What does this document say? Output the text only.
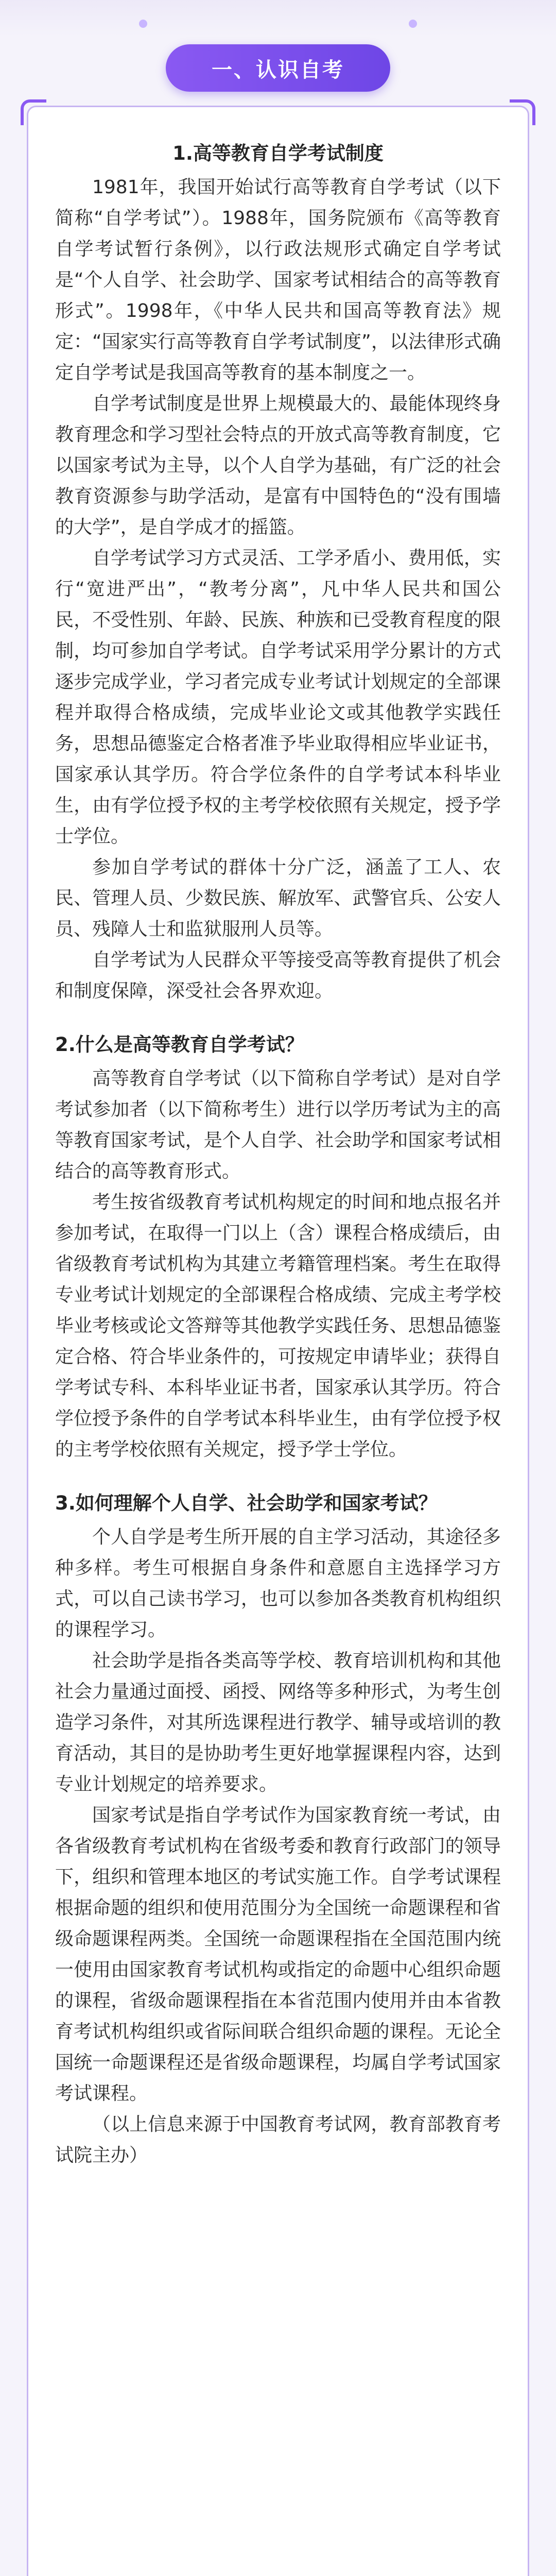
一、认识自考
1.高等教育自学考试制度

1981年，我国开始试行高等教育自学考试（以下简称“自学考试”）。1988年，国务院颁布《高等教育自学考试暂行条例》，以行政法规形式确定自学考试是“个人自学、社会助学、国家考试相结合的高等教育形式”。1998年，《中华人民共和国高等教育法》规定：“国家实行高等教育自学考试制度”，以法律形式确定自学考试是我国高等教育的基本制度之一。

自学考试制度是世界上规模最大的、最能体现终身教育理念和学习型社会特点的开放式高等教育制度，它以国家考试为主导，以个人自学为基础，有广泛的社会教育资源参与助学活动，是富有中国特色的“没有围墙的大学”，是自学成才的摇篮。

自学考试学习方式灵活、工学矛盾小、费用低，实行“宽进严出”，“教考分离”，凡中华人民共和国公民，不受性别、年龄、民族、种族和已受教育程度的限制，均可参加自学考试。自学考试采用学分累计的方式逐步完成学业，学习者完成专业考试计划规定的全部课程并取得合格成绩，完成毕业论文或其他教学实践任务，思想品德鉴定合格者准予毕业取得相应毕业证书，国家承认其学历。符合学位条件的自学考试本科毕业生，由有学位授予权的主考学校依照有关规定，授予学士学位。

参加自学考试的群体十分广泛，涵盖了工人、农民、管理人员、少数民族、解放军、武警官兵、公安人员、残障人士和监狱服刑人员等。

自学考试为人民群众平等接受高等教育提供了机会和制度保障，深受社会各界欢迎。

2.什么是高等教育自学考试？

高等教育自学考试（以下简称自学考试）是对自学考试参加者（以下简称考生）进行以学历考试为主的高等教育国家考试，是个人自学、社会助学和国家考试相结合的高等教育形式。

考生按省级教育考试机构规定的时间和地点报名并参加考试，在取得一门以上（含）课程合格成绩后，由省级教育考试机构为其建立考籍管理档案。考生在取得专业考试计划规定的全部课程合格成绩、完成主考学校毕业考核或论文答辩等其他教学实践任务、思想品德鉴定合格、符合毕业条件的，可按规定申请毕业；获得自学考试专科、本科毕业证书者，国家承认其学历。符合学位授予条件的自学考试本科毕业生，由有学位授予权的主考学校依照有关规定，授予学士学位。

3.如何理解个人自学、社会助学和国家考试？

个人自学是考生所开展的自主学习活动，其途径多种多样。考生可根据自身条件和意愿自主选择学习方式，可以自己读书学习，也可以参加各类教育机构组织的课程学习。

社会助学是指各类高等学校、教育培训机构和其他社会力量通过面授、函授、网络等多种形式，为考生创造学习条件，对其所选课程进行教学、辅导或培训的教育活动，其目的是协助考生更好地掌握课程内容，达到专业计划规定的培养要求。

国家考试是指自学考试作为国家教育统一考试，由各省级教育考试机构在省级考委和教育行政部门的领导下，组织和管理本地区的考试实施工作。自学考试课程根据命题的组织和使用范围分为全国统一命题课程和省级命题课程两类。全国统一命题课程指在全国范围内统一使用由国家教育考试机构或指定的命题中心组织命题的课程，省级命题课程指在本省范围内使用并由本省教育考试机构组织或省际间联合组织命题的课程。无论全国统一命题课程还是省级命题课程，均属自学考试国家考试课程。

（以上信息来源于中国教育考试网，教育部教育考试院主办）
